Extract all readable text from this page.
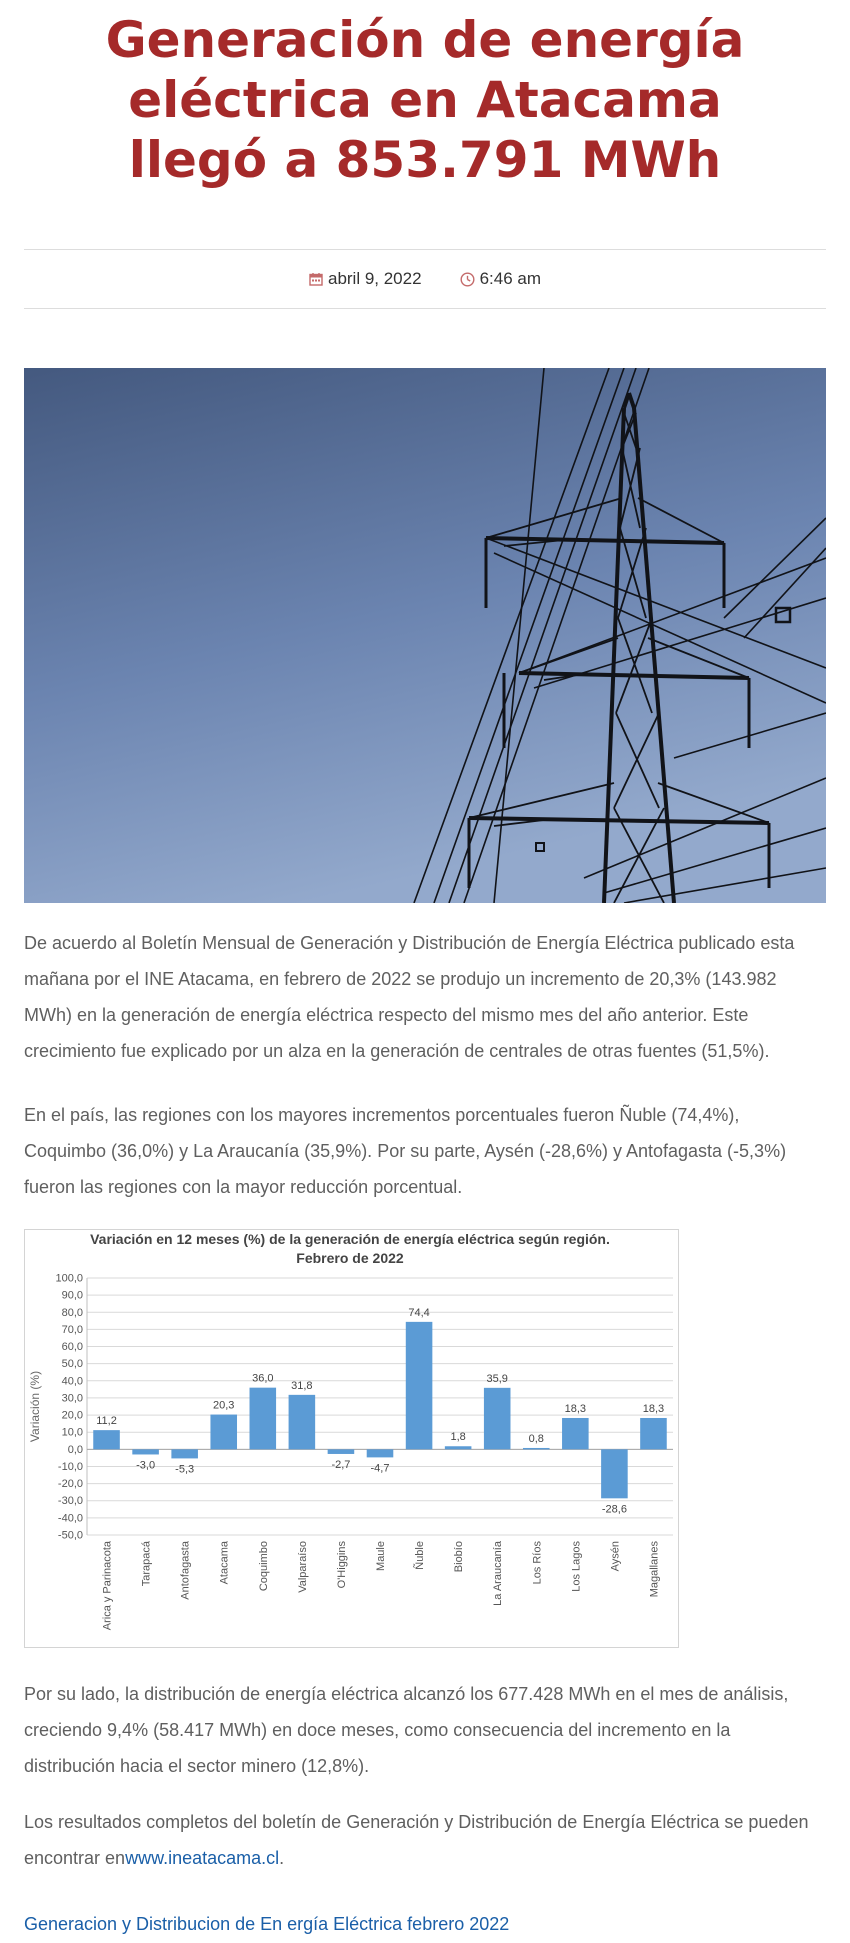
Generación de energía eléctrica en Atacama llegó a 853.791 MWh
abril 9, 2022	6:46 am

De acuerdo al Boletín Mensual de Generación y Distribución de Energía Eléctrica publicado esta mañana por el INE Atacama, en febrero de 2022 se produjo un incremento de 20,3% (143.982 MWh) en la generación de energía eléctrica respecto del mismo mes del año anterior. Este crecimiento fue explicado por un alza en la generación de centrales de otras fuentes (51,5%).

En el país, las regiones con los mayores incrementos porcentuales fueron Ñuble (74,4%), Coquimbo (36,0%) y La Araucanía (35,9%). Por su parte, Aysén (-28,6%) y Antofagasta (-5,3%) fueron las regiones con la mayor reducción porcentual.

100,0
90,0
80,0
70,0
60,0
50,0
40,0
30,0
20,0
10,0
0,0
-10,0
-20,0
-30,0
-40,0
-50,0
Variación (%)	11,2
Arica y Parinacota
-3,0
Tarapacá
-5,3
Antofagasta
20,3
Atacama
36,0
Coquimbo
31,8
Valparaíso
-2,7
O'Higgins
-4,7
Maule
74,4
Ñuble
1,8
Biobío
35,9
La Araucanía
0,8
Los Ríos
18,3
Los Lagos
-28,6
Aysén
18,3
Magallanes

Variación en 12 meses (%) de la generación de energía eléctrica según región. Febrero de 2022

Por su lado, la distribución de energía eléctrica alcanzó los 677.428 MWh en el mes de análisis, creciendo 9,4% (58.417 MWh) en doce meses, como consecuencia del incremento en la distribución hacia el sector minero (12,8%).

Los resultados completos del boletín de Generación y Distribución de Energía Eléctrica se pueden encontrar enwww.ineatacama.cl.

Generacion y Distribucion de En ergía Eléctrica febrero 2022
